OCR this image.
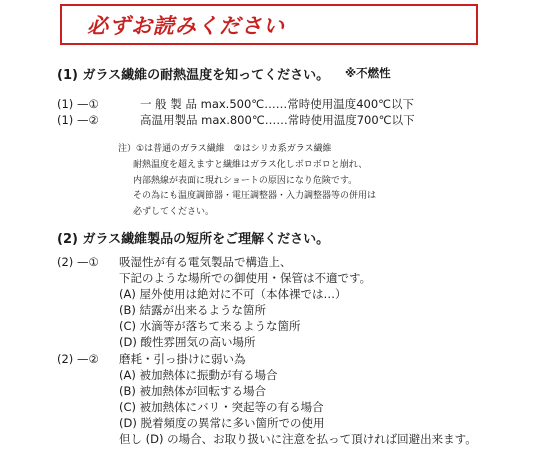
必ずお読みください
(1) ガラス繊維の耐熱温度を知ってください。 ※不燃性
(1) —①	一 般 製 品 max.500℃……常時使用温度400℃以下
(1) —②	高温用製品 max.800℃……常時使用温度700℃以下
注）①は普通のガラス繊維　②はシリカ系ガラス繊維
耐熱温度を超えますと繊維はガラス化しボロボロと崩れ、
内部熱線が表面に現れショートの原因になり危険です。
その為にも温度調節器・電圧調整器・入力調整器等の併用は
必ずしてください。
(2) ガラス繊維製品の短所をご理解ください。
(2) —① 吸湿性が有る電気製品で構造上、
下記のような場所での御使用・保管は不適です。
(A) 屋外使用は絶対に不可（本体裸では…）
(B) 結露が出来るような箇所
(C) 水滴等が落ちて来るような箇所
(D) 酸性雰囲気の高い場所
(2) —② 磨耗・引っ掛けに弱い為
(A) 被加熱体に振動が有る場合
(B) 被加熱体が回転する場合
(C) 被加熱体にバリ・突起等の有る場合
(D) 脱着頻度の異常に多い箇所での使用
但し (D) の場合、お取り扱いに注意を払って頂ければ回避出来ます。
